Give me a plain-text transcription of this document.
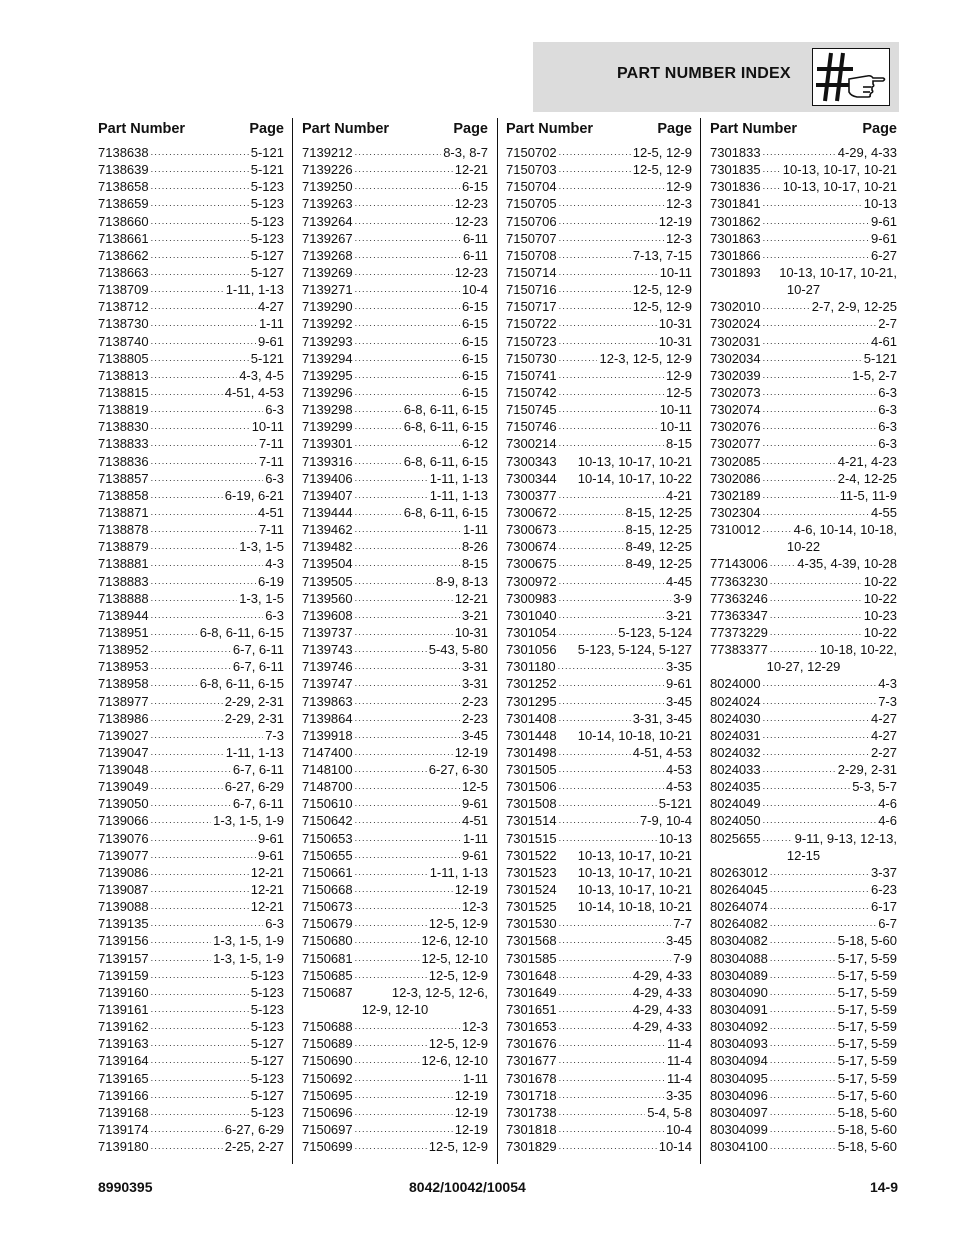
PART NUMBER INDEX
Part Number	Page
7138638 .....	5-121
7138639 .....	5-121
7138658 .....	5-123
7138659 .....	5-123
7138660 .....	5-123
7138661 .....	5-123
7138662 .....	5-127
7138663 .....	5-127
7138709 .....	1-11, 1-13
7138712 .....	4-27
7138730 .....	1-11
7138740 .....	9-61
7138805 .....	5-121
7138813 .....	4-3, 4-5
7138815 .....	4-51, 4-53
7138819 .....	6-3
7138830 .....	10-11
7138833 .....	7-11
7138836 .....	7-11
7138857 .....	6-3
7138858 .....	6-19, 6-21
7138871 .....	4-51
7138878 .....	7-11
7138879 .....	1-3, 1-5
7138881 .....	4-3
7138883 .....	6-19
7138888 .....	1-3, 1-5
7138944 .....	6-3
7138951 .....	6-8, 6-11, 6-15
7138952 .....	6-7, 6-11
7138953 .....	6-7, 6-11
7138958 .....	6-8, 6-11, 6-15
7138977 .....	2-29, 2-31
7138986 .....	2-29, 2-31
7139027 .....	7-3
7139047 .....	1-11, 1-13
7139048 .....	6-7, 6-11
7139049 .....	6-27, 6-29
7139050 .....	6-7, 6-11
7139066 .....	1-3, 1-5, 1-9
7139076 .....	9-61
7139077 .....	9-61
7139086 .....	12-21
7139087 .....	12-21
7139088 .....	12-21
7139135 .....	6-3
7139156 .....	1-3, 1-5, 1-9
7139157 .....	1-3, 1-5, 1-9
7139159 .....	5-123
7139160 .....	5-123
7139161 .....	5-123
7139162 .....	5-123
7139163 .....	5-127
7139164 .....	5-127
7139165 .....	5-123
7139166 .....	5-127
7139168 .....	5-123
7139174 .....	6-27, 6-29
7139180 .....	2-25, 2-27
Part Number	Page
7139212 .....	8-3, 8-7
7139226 .....	12-21
7139250 .....	6-15
7139263 .....	12-23
7139264 .....	12-23
7139267 .....	6-11
7139268 .....	6-11
7139269 .....	12-23
7139271 .....	10-4
7139290 .....	6-15
7139292 .....	6-15
7139293 .....	6-15
7139294 .....	6-15
7139295 .....	6-15
7139296 .....	6-15
7139298 .....	6-8, 6-11, 6-15
7139299 .....	6-8, 6-11, 6-15
7139301 .....	6-12
7139316 .....	6-8, 6-11, 6-15
7139406 .....	1-11, 1-13
7139407 .....	1-11, 1-13
7139444 .....	6-8, 6-11, 6-15
7139462 .....	1-11
7139482 .....	8-26
7139504 .....	8-15
7139505 .....	8-9, 8-13
7139560 .....	12-21
7139608 .....	3-21
7139737 .....	10-31
7139743 .....	5-43, 5-80
7139746 .....	3-31
7139747 .....	3-31
7139863 .....	2-23
7139864 .....	2-23
7139918 .....	3-45
7147400 .....	12-19
7148100 .....	6-27, 6-30
7148700 .....	12-5
7150610 .....	9-61
7150642 .....	4-51
7150653 .....	1-11
7150655 .....	9-61
7150661 .....	1-11, 1-13
7150668 .....	12-19
7150673 .....	12-3
7150679 .....	12-5, 12-9
7150680 .....	12-6, 12-10
7150681 .....	12-5, 12-10
7150685 .....	12-5, 12-9
7150687	12-3, 12-5, 12-6,
12-9, 12-10
7150688 .....	12-3
7150689 .....	12-5, 12-9
7150690 .....	12-6, 12-10
7150692 .....	1-11
7150695 .....	12-19
7150696 .....	12-19
7150697 .....	12-19
7150699 .....	12-5, 12-9
Part Number	Page
7150702 .....	12-5, 12-9
7150703 .....	12-5, 12-9
7150704 .....	12-9
7150705 .....	12-3
7150706 .....	12-19
7150707 .....	12-3
7150708 .....	7-13, 7-15
7150714 .....	10-11
7150716 .....	12-5, 12-9
7150717 .....	12-5, 12-9
7150722 .....	10-31
7150723 .....	10-31
7150730 .....	12-3, 12-5, 12-9
7150741 .....	12-9
7150742 .....	12-5
7150745 .....	10-11
7150746 .....	10-11
7300214 .....	8-15
7300343 10-13, 10-17, 10-21
7300344 10-14, 10-17, 10-22
7300377 .....	4-21
7300672 .....	8-15, 12-25
7300673 .....	8-15, 12-25
7300674 .....	8-49, 12-25
7300675 .....	8-49, 12-25
7300972 .....	4-45
7300983 .....	3-9
7301040 .....	3-21
7301054 .....	5-123, 5-124
7301056 5-123, 5-124, 5-127
7301180 .....	3-35
7301252 .....	9-61
7301295 .....	3-45
7301408 .....	3-31, 3-45
7301448 10-14, 10-18, 10-21
7301498 .....	4-51, 4-53
7301505 .....	4-53
7301506 .....	4-53
7301508 .....	5-121
7301514 .....	7-9, 10-4
7301515 .....	10-13
7301522 10-13, 10-17, 10-21
7301523 10-13, 10-17, 10-21
7301524 10-13, 10-17, 10-21
7301525 10-14, 10-18, 10-21
7301530 .....	7-7
7301568 .....	3-45
7301585 .....	7-9
7301648 .....	4-29, 4-33
7301649 .....	4-29, 4-33
7301651 .....	4-29, 4-33
7301653 .....	4-29, 4-33
7301676 .....	11-4
7301677 .....	11-4
7301678 .....	11-4
7301718 .....	3-35
7301738 .....	5-4, 5-8
7301818 .....	10-4
7301829 .....	10-14
Part Number	Page
7301833 .....	4-29, 4-33
7301835 ..... 10-13, 10-17, 10-21
7301836 ..... 10-13, 10-17, 10-21
7301841 .....	10-13
7301862 .....	9-61
7301863 .....	9-61
7301866 .....	6-27
7301893 10-13, 10-17, 10-21,
10-27
7302010 .....	2-7, 2-9, 12-25
7302024 .....	2-7
7302031 .....	4-61
7302034 .....	5-121
7302039 .....	1-5, 2-7
7302073 .....	6-3
7302074 .....	6-3
7302076 .....	6-3
7302077 .....	6-3
7302085 .....	4-21, 4-23
7302086 .....	2-4, 12-25
7302189 .....	11-5, 11-9
7302304 .....	4-55
7310012 .....	4-6, 10-14, 10-18,
10-22
77143006 ..... 4-35, 4-39, 10-28
77363230 .....	10-22
77363246 .....	10-22
77363347 .....	10-23
77373229 .....	10-22
77383377 .....	10-18, 10-22,
10-27, 12-29
8024000 .....	4-3
8024024 .....	7-3
8024030 .....	4-27
8024031 .....	4-27
8024032 .....	2-27
8024033 .....	2-29, 2-31
8024035 .....	5-3, 5-7
8024049 .....	4-6
8024050 .....	4-6
8025655 .....	9-11, 9-13, 12-13,
12-15
80263012 .....	3-37
80264045 .....	6-23
80264074 .....	6-17
80264082 .....	6-7
80304082 .....	5-18, 5-60
80304088 .....	5-17, 5-59
80304089 .....	5-17, 5-59
80304090 .....	5-17, 5-59
80304091 .....	5-17, 5-59
80304092 .....	5-17, 5-59
80304093 .....	5-17, 5-59
80304094 .....	5-17, 5-59
80304095 .....	5-17, 5-59
80304096 .....	5-17, 5-60
80304097 .....	5-18, 5-60
80304099 .....	5-18, 5-60
80304100 .....	5-18, 5-60
8990395	8042/10042/10054	14-9
